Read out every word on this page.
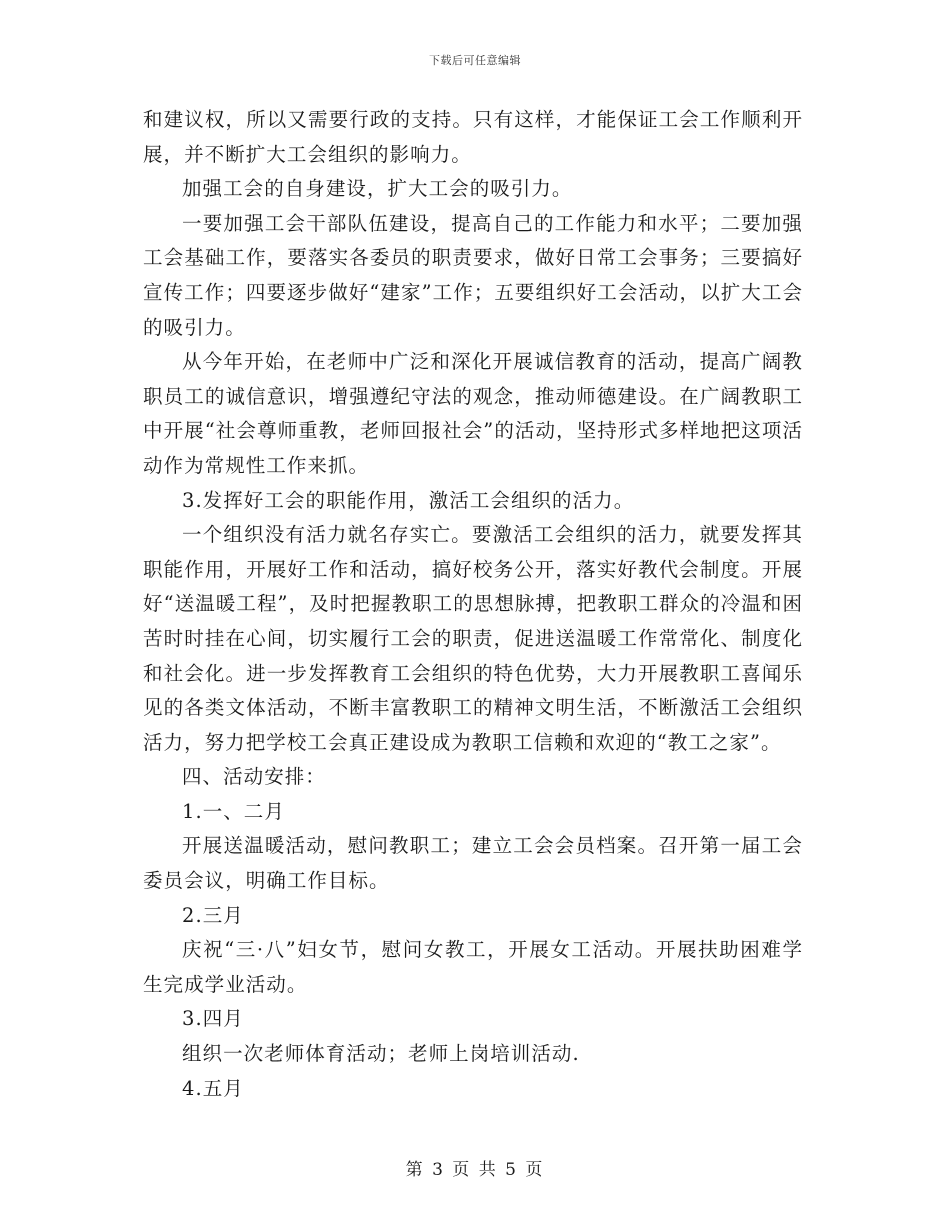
下载后可任意编辑

和建议权，所以又需要行政的支持。只有这样，才能保证工会工作顺利开展，并不断扩大工会组织的影响力。

加强工会的自身建设，扩大工会的吸引力。

一要加强工会干部队伍建设，提高自己的工作能力和水平；二要加强工会基础工作，要落实各委员的职责要求，做好日常工会事务；三要搞好宣传工作；四要逐步做好“建家”工作；五要组织好工会活动，以扩大工会的吸引力。

从今年开始，在老师中广泛和深化开展诚信教育的活动，提高广阔教职员工的诚信意识，增强遵纪守法的观念，推动师德建设。在广阔教职工中开展“社会尊师重教，老师回报社会”的活动，坚持形式多样地把这项活动作为常规性工作来抓。

3.发挥好工会的职能作用，激活工会组织的活力。

一个组织没有活力就名存实亡。要激活工会组织的活力，就要发挥其职能作用，开展好工作和活动，搞好校务公开，落实好教代会制度。开展好“送温暖工程”，及时把握教职工的思想脉搏，把教职工群众的冷温和困苦时时挂在心间，切实履行工会的职责，促进送温暖工作常常化、制度化和社会化。进一步发挥教育工会组织的特色优势，大力开展教职工喜闻乐见的各类文体活动，不断丰富教职工的精神文明生活，不断激活工会组织活力，努力把学校工会真正建设成为教职工信赖和欢迎的“教工之家”。

四、活动安排：

1.一、二月

开展送温暖活动，慰问教职工；建立工会会员档案。召开第一届工会委员会议，明确工作目标。

2.三月

庆祝“三·八”妇女节，慰问女教工，开展女工活动。开展扶助困难学生完成学业活动。

3.四月

组织一次老师体育活动；老师上岗培训活动.

4.五月

第 3 页 共 5 页
